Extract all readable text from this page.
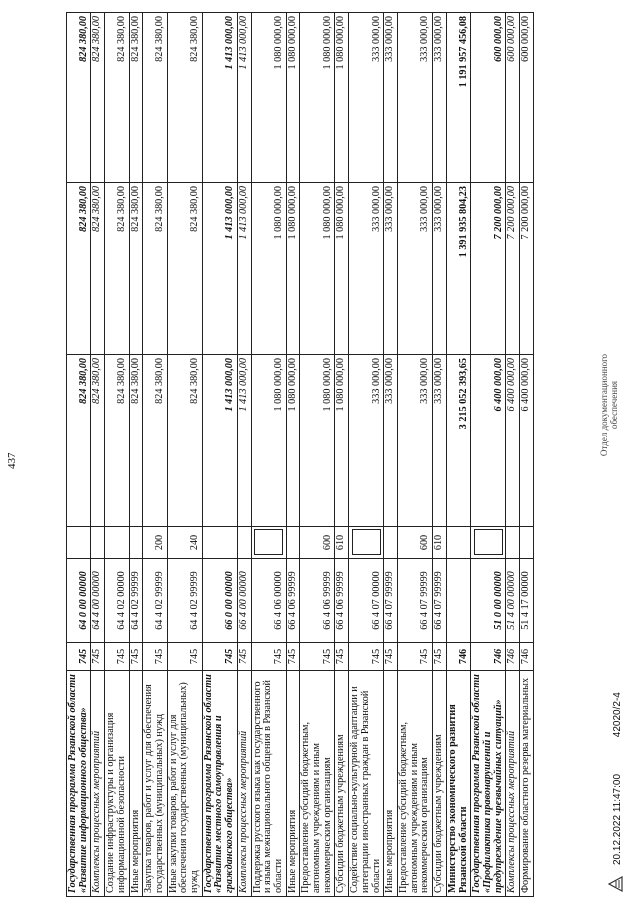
437
Государственная программа Рязанской области «Развитие информационного общества»	745	64 0 00 00000		824 380,00	824 380,00	824 380,00
Комплексы процессных мероприятий	745	64 4 00 00000		824 380,00	824 380,00	824 380,00
Создание инфраструктуры и организация информационной безопасности	745	64 4 02 00000		824 380,00	824 380,00	824 380,00
Иные мероприятия	745	64 4 02 99999		824 380,00	824 380,00	824 380,00
Закупка товаров, работ и услуг для обеспечения государственных (муниципальных) нужд	745	64 4 02 99999	200	824 380,00	824 380,00	824 380,00
Иные закупки товаров, работ и услуг для обеспечения государственных (муниципальных) нужд	745	64 4 02 99999	240	824 380,00	824 380,00	824 380,00
Государственная программа Рязанской области «Развитие местного самоуправления и гражданского общества»	745	66 0 00 00000		1 413 000,00	1 413 000,00	1 413 000,00
Комплексы процессных мероприятий	745	66 4 00 00000		1 413 000,00	1 413 000,00	1 413 000,00
Поддержка русского языка как государственного и языка межнационального общения в Рязанской области	745	66 4 06 00000		1 080 000,00	1 080 000,00	1 080 000,00
Иные мероприятия	745	66 4 06 99999		1 080 000,00	1 080 000,00	1 080 000,00
Предоставление субсидий бюджетным, автономным учреждениям и иным некоммерческим организациям	745	66 4 06 99999	600	1 080 000,00	1 080 000,00	1 080 000,00
Субсидии бюджетным учреждениям	745	66 4 06 99999	610	1 080 000,00	1 080 000,00	1 080 000,00
Содействие социально-культурной адаптации и интеграции иностранных граждан в Рязанской области	745	66 4 07 00000		333 000,00	333 000,00	333 000,00
Иные мероприятия	745	66 4 07 99999		333 000,00	333 000,00	333 000,00
Предоставление субсидий бюджетным, автономным учреждениям и иным некоммерческим организациям	745	66 4 07 99999	600	333 000,00	333 000,00	333 000,00
Субсидии бюджетным учреждениям	745	66 4 07 99999	610	333 000,00	333 000,00	333 000,00
Министерство экономического развития Рязанской области	746			3 215 052 393,65	1 391 935 804,23	1 191 957 456,08
Государственная программа Рязанской области «Профилактика правонарушений и предупреждение чрезвычайных ситуаций»	746	51 0 00 00000		6 400 000,00	7 200 000,00	600 000,00
Комплексы процессных мероприятий	746	51 4 00 00000		6 400 000,00	7 200 000,00	600 000,00
Формирование областного резерва материальных	746	51 4 17 00000		6 400 000,00	7 200 000,00	600 000,00
20.12.2022 11:47:00 42020/2-4
Отдел документационного обеспечения
